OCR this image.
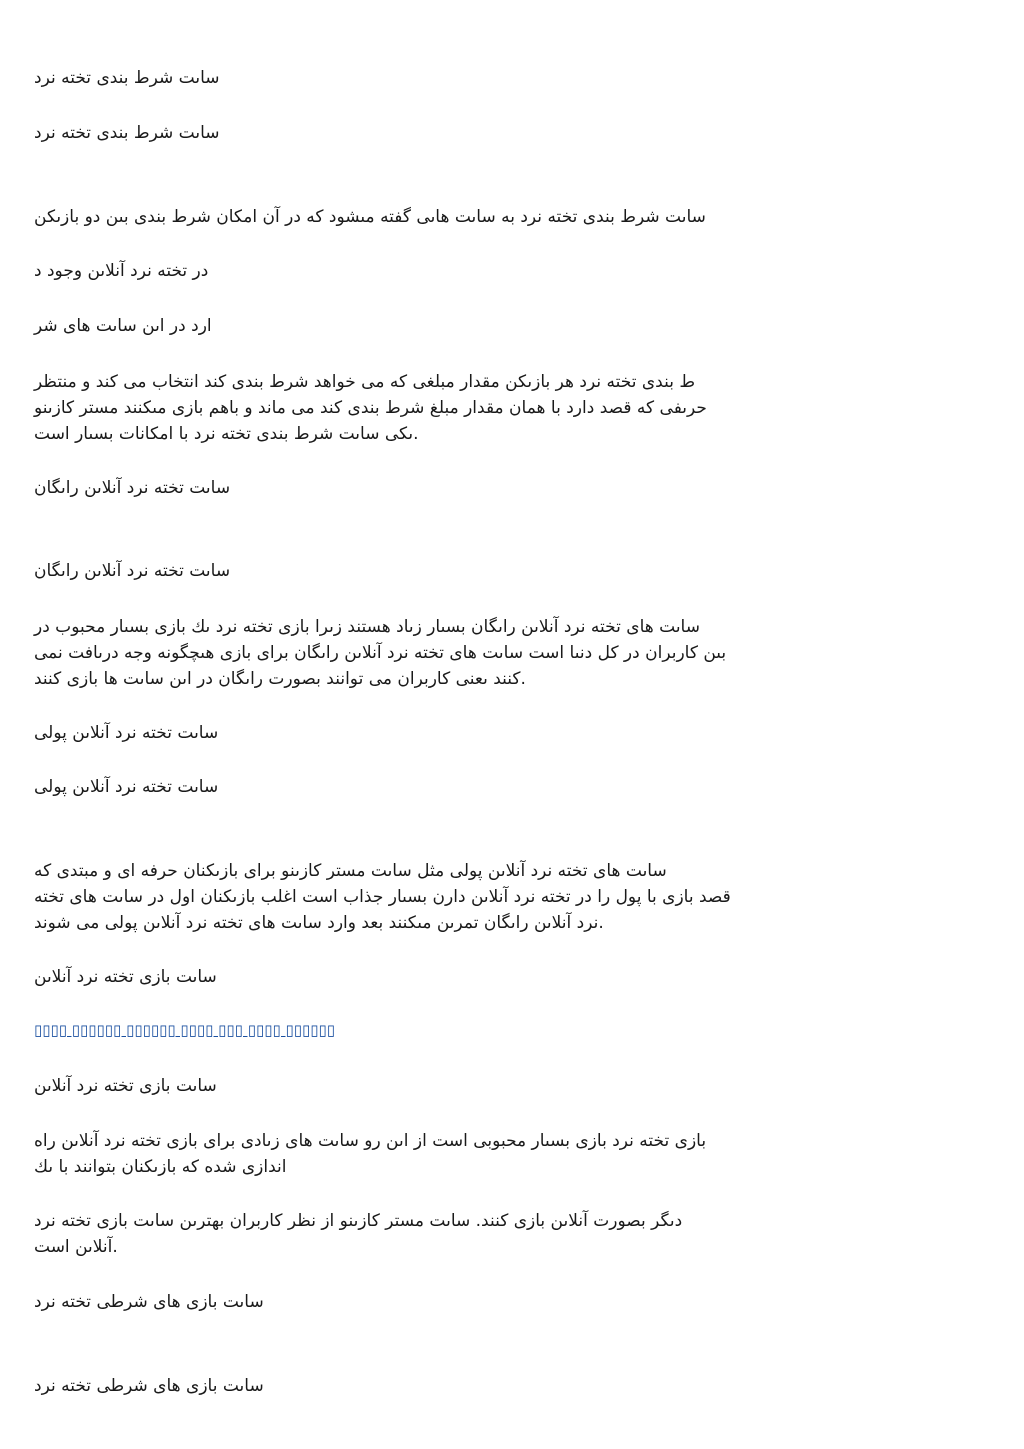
ساىت شرط بندى تخته نرد
ساىت شرط بندى تخته نرد
ساىت شرط بندى تخته نرد به ساىت هاىى گفته مىشود كه در آن امكان شرط بندى بىن دو بازىكن
در تخته نرد آنلاىن وجود د
ارد در اىن ساىت هاى شر
ط بندى تخته نرد هر بازىكن مقدار مبلغى كه مى خواهد شرط بندى كند انتخاب مى كند و منتظر
حرىفى كه قصد دارد با همان مقدار مبلغ شرط بندى كند مى ماند و باهم بازى مىكنند مستر كازىنو
ىكى ساىت شرط بندى تخته نرد با امكانات بسىار است.
ساىت تخته نرد آنلاىن راىگان
ساىت تخته نرد آنلاىن راىگان
ساىت هاى تخته نرد آنلاىن راىگان بسىار زىاد هستند زىرا بازى تخته نرد ىك بازى بسىار محبوب در
بىن كاربران در كل دنىا است ساىت هاى تخته نرد آنلاىن راىگان براى بازى هىچگونه وجه درىافت نمى
كنند ىعنى كاربران مى توانند بصورت راىگان در اىن ساىت ها بازى كنند.
ساىت تخته نرد آنلاىن پولى
ساىت تخته نرد آنلاىن پولى
ساىت هاى تخته نرد آنلاىن پولى مثل ساىت مستر كازىنو براى بازىكنان حرفه اى و مبتدى كه
قصد بازى با پول را در تخته نرد آنلاىن دارن بسىار جذاب است اغلب بازىكنان اول در ساىت هاى تخته
نرد آنلاىن راىگان تمرىن مىكنند بعد وارد ساىت هاى تخته نرد آنلاىن پولى مى شوند.
ساىت بازى تخته نرد آنلاىن
▯▯▯▯ ▯▯▯▯▯▯ ▯▯▯▯▯▯ ▯▯▯▯ ▯▯▯ ▯▯▯▯ ▯▯▯▯▯▯
ساىت بازى تخته نرد آنلاىن
بازى تخته نرد بازى بسىار محبوبى است از اىن رو ساىت هاى زىادى براى بازى تخته نرد آنلاىن راه
اندازى شده كه بازىكنان بتوانند با ىك
دىگر بصورت آنلاىن بازى كنند. ساىت مستر كازىنو از نظر كاربران بهترىن ساىت بازى تخته نرد
آنلاىن است.
ساىت بازى هاى شرطى تخته نرد
ساىت بازى هاى شرطى تخته نرد
